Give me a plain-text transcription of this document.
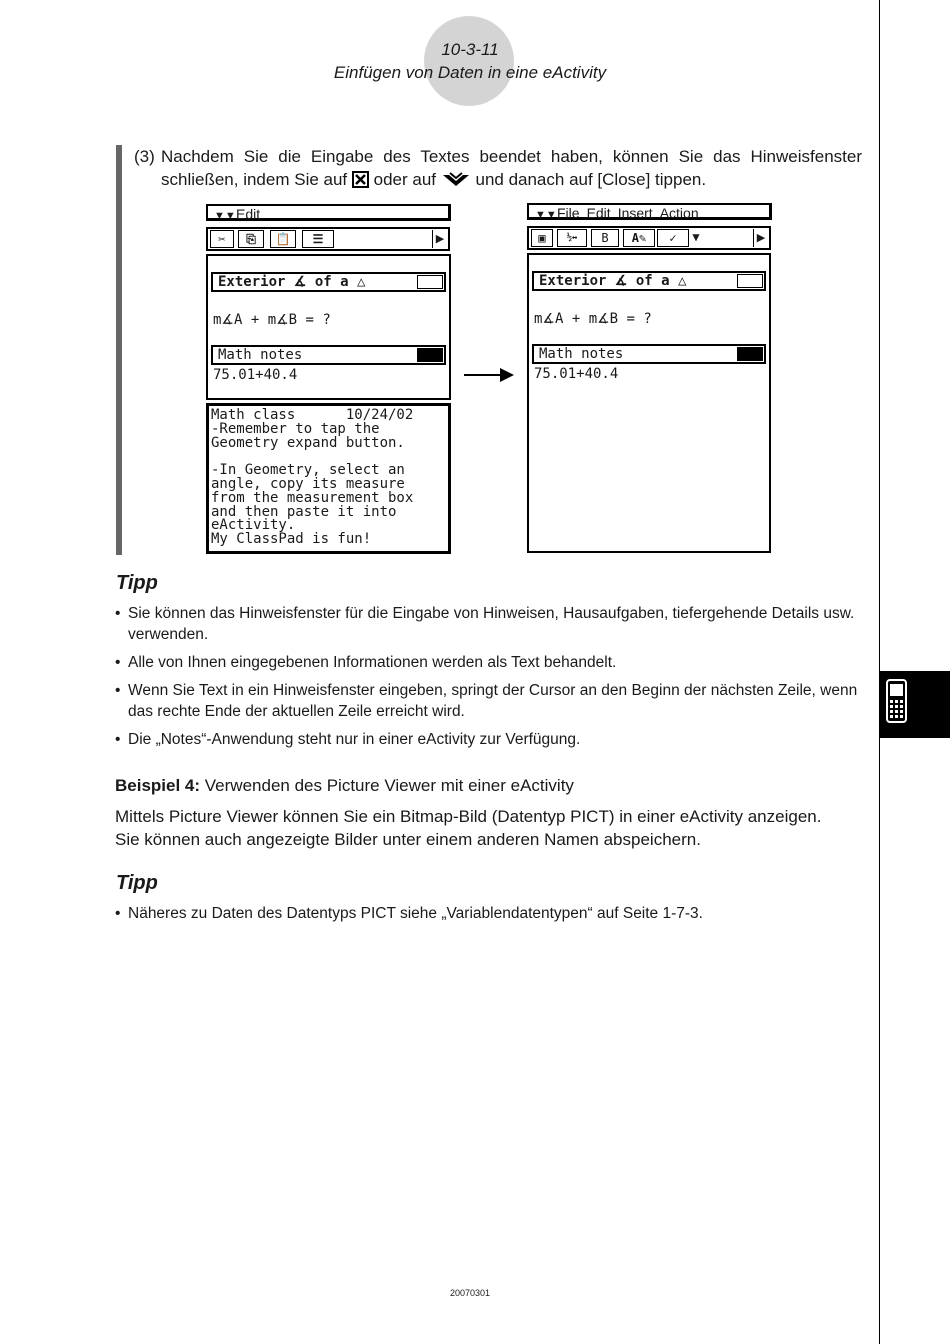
10-3-11
Einfügen von Daten in eine eActivity
(3) Nachdem Sie die Eingabe des Textes beendet haben, können Sie das Hinweisfenster schließen, indem Sie auf oder auf und danach auf [Close] tippen.
▼▼Edit
✂	⎘	📋	☰	▶
Exterior ∡ of a △
m∡A + m∡B = ?
Math notes
75.01+40.4
Math class      10/24/02
-Remember to tap the
Geometry expand button.

-In Geometry, select an
angle, copy its measure
from the measurement box
and then paste it into
eActivity.
My ClassPad is fun!
▼▼File Edit Insert Action
▣	½↔	B	A✎	✓	▼	▶
Exterior ∡ of a △
m∡A + m∡B = ?
Math notes
75.01+40.4
Tipp
• Sie können das Hinweisfenster für die Eingabe von Hinweisen, Hausaufgaben, tiefergehende Details usw. verwenden.
• Alle von Ihnen eingegebenen Informationen werden als Text behandelt.
• Wenn Sie Text in ein Hinweisfenster eingeben, springt der Cursor an den Beginn der nächsten Zeile, wenn das rechte Ende der aktuellen Zeile erreicht wird.
• Die „Notes“-Anwendung steht nur in einer eActivity zur Verfügung.
Beispiel 4: Verwenden des Picture Viewer mit einer eActivity
Mittels Picture Viewer können Sie ein Bitmap-Bild (Datentyp PICT) in einer eActivity anzeigen. Sie können auch angezeigte Bilder unter einem anderen Namen abspeichern.
Tipp
• Näheres zu Daten des Datentyps PICT siehe „Variablendatentypen“ auf Seite 1-7-3.
20070301
